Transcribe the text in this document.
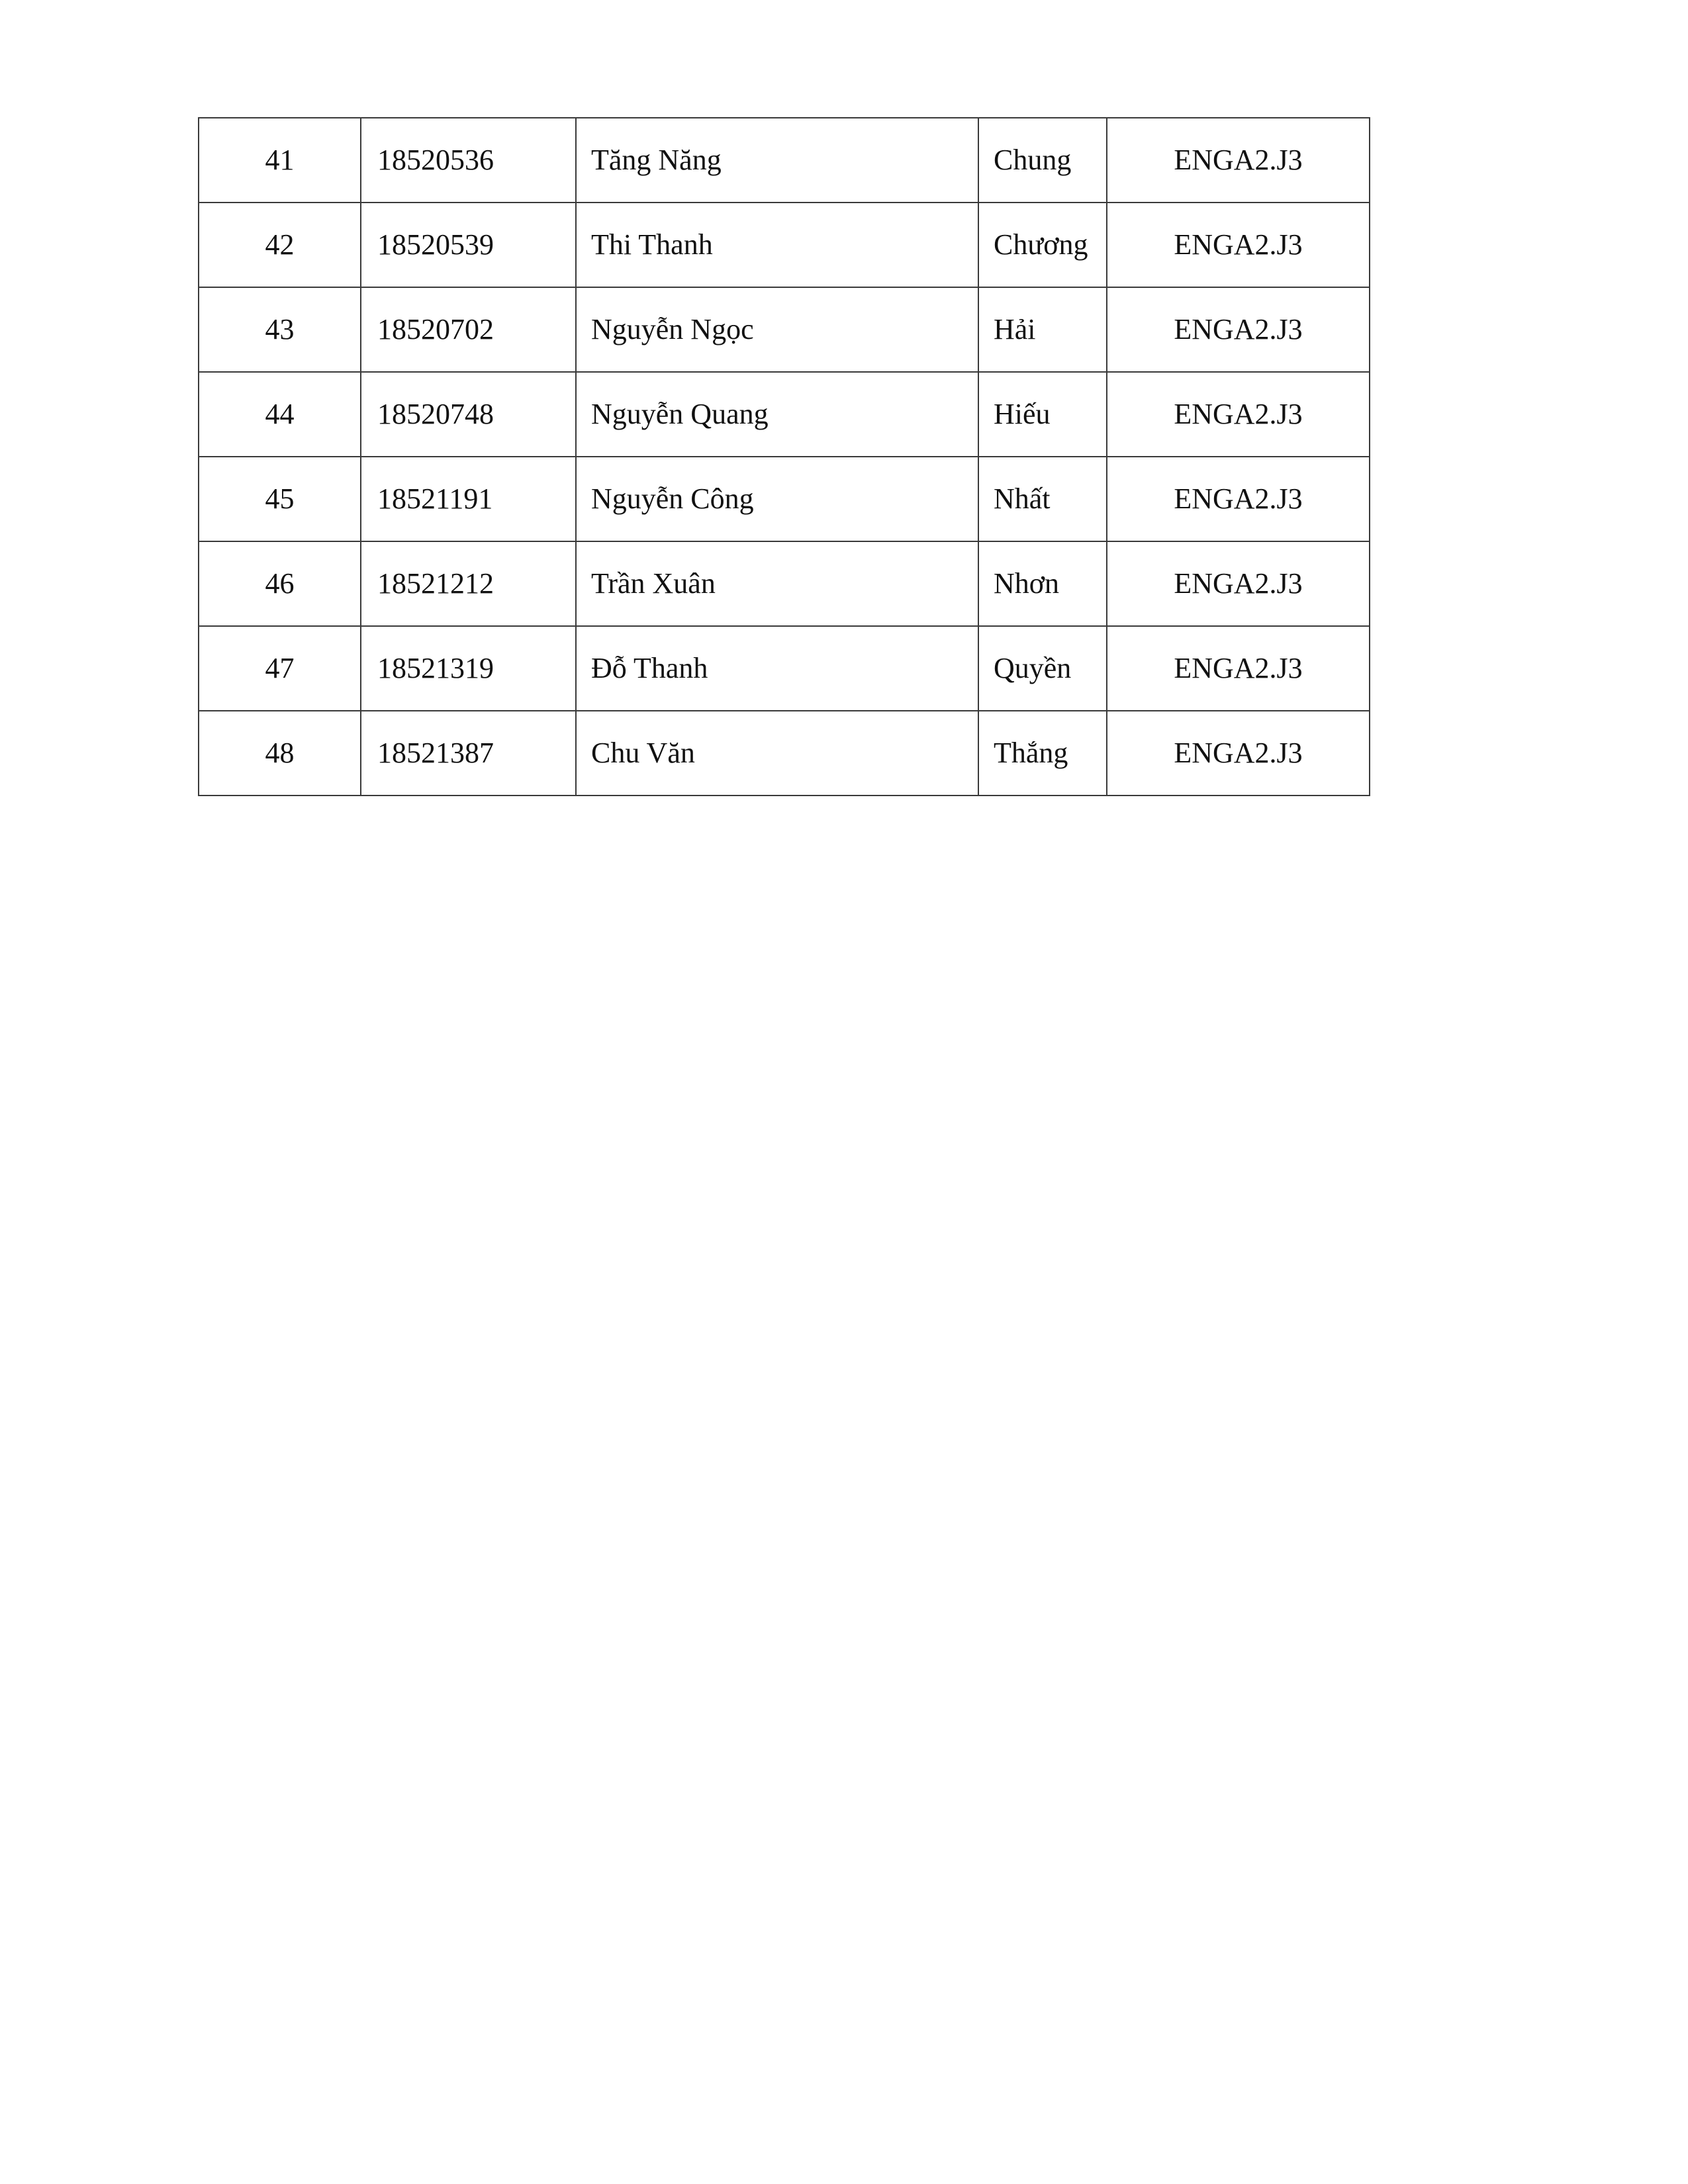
41	18520536	Tăng Năng	Chung	ENGA2.J3
42	18520539	Thi Thanh	Chương	ENGA2.J3
43	18520702	Nguyễn Ngọc	Hải	ENGA2.J3
44	18520748	Nguyễn Quang	Hiếu	ENGA2.J3
45	18521191	Nguyễn Công	Nhất	ENGA2.J3
46	18521212	Trần Xuân	Nhơn	ENGA2.J3
47	18521319	Đỗ Thanh	Quyền	ENGA2.J3
48	18521387	Chu Văn	Thắng	ENGA2.J3
